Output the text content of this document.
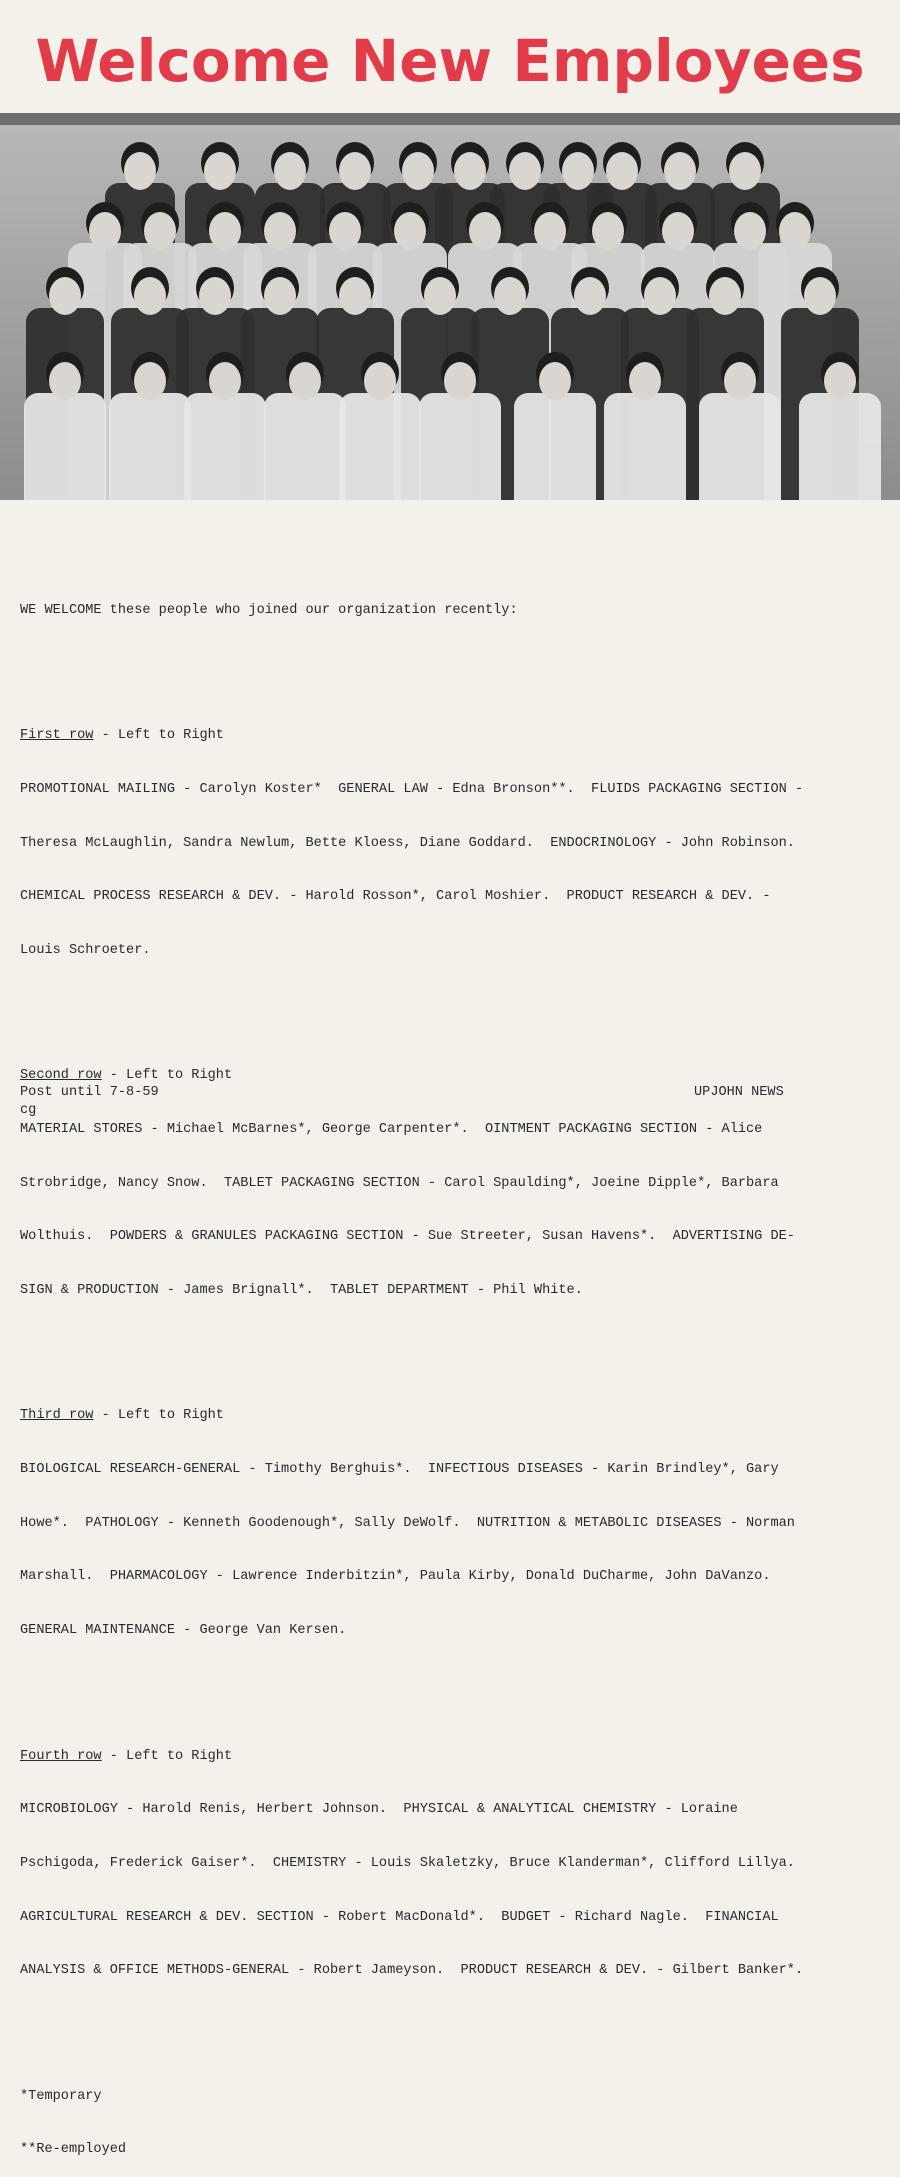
Welcome New Employees

WE WELCOME these people who joined our organization recently:

First row - Left to Right

PROMOTIONAL MAILING - Carolyn Koster*  GENERAL LAW - Edna Bronson**.  FLUIDS PACKAGING SECTION -

Theresa McLaughlin, Sandra Newlum, Bette Kloess, Diane Goddard.  ENDOCRINOLOGY - John Robinson.

CHEMICAL PROCESS RESEARCH & DEV. - Harold Rosson*, Carol Moshier.  PRODUCT RESEARCH & DEV. -

Louis Schroeter.

Second row - Left to Right

MATERIAL STORES - Michael McBarnes*, George Carpenter*.  OINTMENT PACKAGING SECTION - Alice

Strobridge, Nancy Snow.  TABLET PACKAGING SECTION - Carol Spaulding*, Joeine Dipple*, Barbara

Wolthuis.  POWDERS & GRANULES PACKAGING SECTION - Sue Streeter, Susan Havens*.  ADVERTISING DE-

SIGN & PRODUCTION - James Brignall*.  TABLET DEPARTMENT - Phil White.

Third row - Left to Right

BIOLOGICAL RESEARCH-GENERAL - Timothy Berghuis*.  INFECTIOUS DISEASES - Karin Brindley*, Gary

Howe*.  PATHOLOGY - Kenneth Goodenough*, Sally DeWolf.  NUTRITION & METABOLIC DISEASES - Norman

Marshall.  PHARMACOLOGY - Lawrence Inderbitzin*, Paula Kirby, Donald DuCharme, John DaVanzo.

GENERAL MAINTENANCE - George Van Kersen.

Fourth row - Left to Right

MICROBIOLOGY - Harold Renis, Herbert Johnson.  PHYSICAL & ANALYTICAL CHEMISTRY - Loraine

Pschigoda, Frederick Gaiser*.  CHEMISTRY - Louis Skaletzky, Bruce Klanderman*, Clifford Lillya.

AGRICULTURAL RESEARCH & DEV. SECTION - Robert MacDonald*.  BUDGET - Richard Nagle.  FINANCIAL

ANALYSIS & OFFICE METHODS-GENERAL - Robert Jameyson.  PRODUCT RESEARCH & DEV. - Gilbert Banker*.

*Temporary

**Re-employed

Post until 7-8-59
cg
UPJOHN NEWS
